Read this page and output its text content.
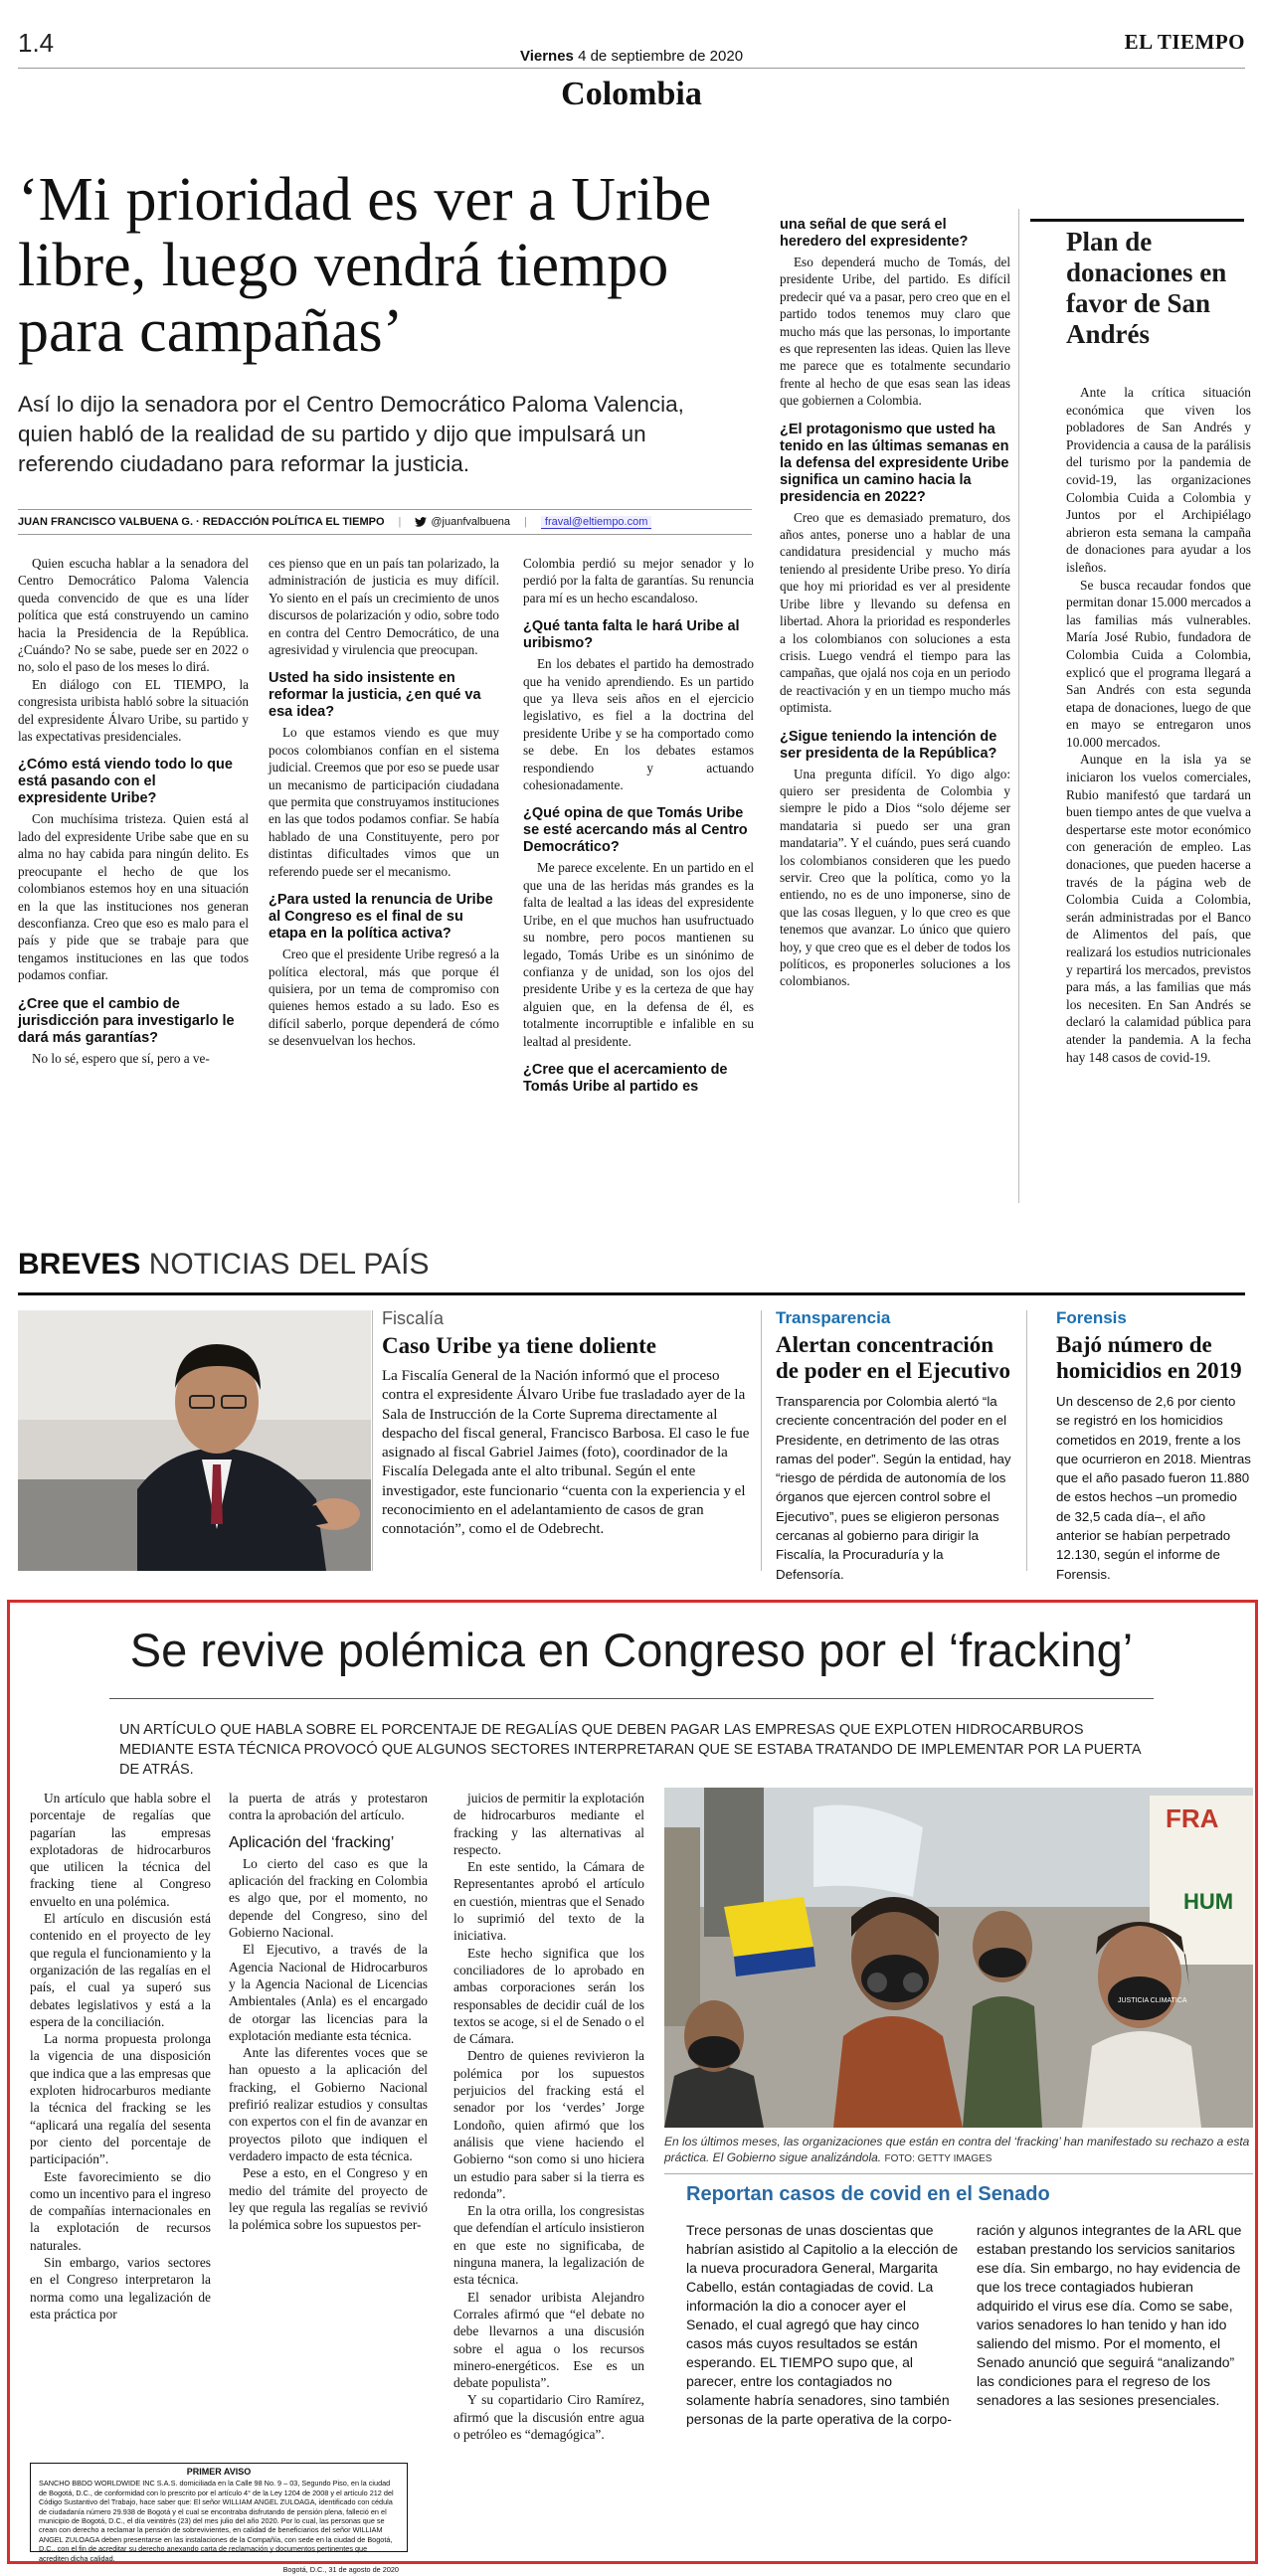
1.4	Viernes 4 de septiembre de 2020
EL TIEMPO
Colombia
‘Mi prioridad es ver a Uribe libre, luego vendrá tiempo para campañas’

Así lo dijo la senadora por el Centro Democrático Paloma Valencia, quien habló de la realidad de su partido y dijo que impulsará un referendo ciudadano para reformar la justicia.

JUAN FRANCISCO VALBUENA G. · REDACCIÓN POLÍTICA EL TIEMPO |	@juanfvalbuena |	fraval@eltiempo.com

Quien escucha hablar a la senadora del Centro Democrático Paloma Valencia queda convencido de que es una líder política que está construyendo un camino hacia la Presidencia de la República. ¿Cuándo? No se sabe, puede ser en 2022 o no, solo el paso de los meses lo dirá.

En diálogo con EL TIEMPO, la congresista uribista habló sobre la situación del expresidente Álvaro Uribe, su partido y las expectativas presidenciales.

¿Cómo está viendo todo lo que está pasando con el expresidente Uribe?

Con muchísima tristeza. Quien está al lado del expresidente Uribe sabe que en su alma no hay cabida para ningún delito. Es preocupante el hecho de que los colombianos estemos hoy en una situación en la que las instituciones nos generan desconfianza. Creo que eso es malo para el país y pide que se trabaje para que tengamos instituciones en las que todos podamos confiar.

¿Cree que el cambio de jurisdicción para investigarlo le dará más garantías?

No lo sé, espero que sí, pero a ve-

ces pienso que en un país tan polarizado, la administración de justicia es muy difícil. Yo siento en el país un crecimiento de unos discursos de polarización y odio, sobre todo en contra del Centro Democrático, de una agresividad y virulencia que preocupan.

Usted ha sido insistente en reformar la justicia, ¿en qué va esa idea?

Lo que estamos viendo es que muy pocos colombianos confían en el sistema judicial. Creemos que por eso se puede usar un mecanismo de participación ciudadana que permita que construyamos instituciones en las que todos podamos confiar. Se había hablado de una Constituyente, pero por distintas dificultades vimos que un referendo puede ser el mecanismo.

¿Para usted la renuncia de Uribe al Congreso es el final de su etapa en la política activa?

Creo que el presidente Uribe regresó a la política electoral, más que porque él quisiera, por un tema de compromiso con quienes hemos estado a su lado. Eso es difícil saberlo, porque dependerá de cómo se desenvuelvan los hechos.

Colombia perdió su mejor senador y lo perdió por la falta de garantías. Su renuncia para mí es un hecho escandaloso.

¿Qué tanta falta le hará Uribe al uribismo?

En los debates el partido ha demostrado que ha venido aprendiendo. Es un partido que ya lleva seis años en el ejercicio legislativo, es fiel a la doctrina del presidente Uribe y se ha comportado como se debe. En los debates estamos respondiendo y actuando cohesionadamente.

¿Qué opina de que Tomás Uribe se esté acercando más al Centro Democrático?

Me parece excelente. En un partido en el que una de las heridas más grandes es la falta de lealtad a las ideas del expresidente Uribe, en el que muchos han usufructuado su nombre, pero pocos mantienen su legado, Tomás Uribe es un sinónimo de confianza y de unidad, son los ojos del presidente Uribe y es la certeza de que hay alguien que, en la defensa de él, es totalmente incorruptible e infalible en su lealtad al presidente.

¿Cree que el acercamiento de Tomás Uribe al partido es
una señal de que será el heredero del expresidente?

Eso dependerá mucho de Tomás, del presidente Uribe, del partido. Es difícil predecir qué va a pasar, pero creo que en el partido todos tenemos muy claro que mucho más que las personas, lo importante es que representen las ideas. Quien las lleve me parece que es totalmente secundario frente al hecho de que esas sean las ideas que gobiernen a Colombia.

¿El protagonismo que usted ha tenido en las últimas semanas en la defensa del expresidente Uribe significa un camino hacia la presidencia en 2022?

Creo que es demasiado prematuro, dos años antes, ponerse uno a hablar de una candidatura presidencial y mucho más teniendo al presidente Uribe preso. Yo diría que hoy mi prioridad es ver al presidente Uribe libre y llevando su defensa en libertad. Ahora la prioridad es responderles a los colombianos con soluciones a esta crisis. Luego vendrá el tiempo para las campañas, que ojalá nos coja en un periodo de reactivación y en un tiempo mucho más optimista.

¿Sigue teniendo la intención de ser presidenta de la República?

Una pregunta difícil. Yo digo algo: quiero ser presidenta de Colombia y siempre le pido a Dios “solo déjeme ser mandataria si puedo ser una gran mandataria”. Y el cuándo, pues será cuando los colombianos consideren que les puedo servir. Creo que la política, como yo la entiendo, no es de uno imponerse, sino de que las cosas lleguen, y lo que creo es que tenemos que avanzar. Lo único que quiero hoy, y que creo que es el deber de todos los políticos, es proponerles soluciones a los colombianos.

Plan de donaciones en favor de San Andrés

Ante la crítica situación económica que viven los pobladores de San Andrés y Providencia a causa de la parálisis del turismo por la pandemia de covid-19, las organizaciones Colombia Cuida a Colombia y Juntos por el Archipiélago abrieron esta semana la campaña de donaciones para ayudar a los isleños.

Se busca recaudar fondos que permitan donar 15.000 mercados a las familias más vulnerables. María José Rubio, fundadora de Colombia Cuida a Colombia, explicó que el programa llegará a San Andrés con esta segunda etapa de donaciones, luego de que en mayo se entregaron unos 10.000 mercados.

Aunque en la isla ya se iniciaron los vuelos comerciales, Rubio manifestó que tardará un buen tiempo antes de que vuelva a despertarse este motor económico con generación de empleo. Las donaciones, que pueden hacerse a través de la página web de Colombia Cuida a Colombia, serán administradas por el Banco de Alimentos del país, que realizará los estudios nutricionales y repartirá los mercados, previstos para más, a las familias que más los necesiten. En San Andrés se declaró la calamidad pública para atender la pandemia. A la fecha hay 148 casos de covid-19.

BREVES NOTICIAS DEL PAÍS
Fiscalía
Caso Uribe ya tiene doliente

La Fiscalía General de la Nación informó que el proceso contra el expresidente Álvaro Uribe fue trasladado ayer de la Sala de Instrucción de la Corte Suprema directamente al despacho del fiscal general, Francisco Barbosa. El caso le fue asignado al fiscal Gabriel Jaimes (foto), coordinador de la Fiscalía Delegada ante el alto tribunal. Según el ente investigador, este funcionario “cuenta con la experiencia y el reconocimiento en el adelantamiento de casos de gran connotación”, como el de Odebrecht.

Transparencia
Alertan concentración de poder en el Ejecutivo

Transparencia por Colombia alertó “la creciente concentración del poder en el Presidente, en detrimento de las otras ramas del poder”. Según la entidad, hay “riesgo de pérdida de autonomía de los órganos que ejercen control sobre el Ejecutivo”, pues se eligieron personas cercanas al gobierno para dirigir la Fiscalía, la Procuraduría y la Defensoría.

Forensis
Bajó número de homicidios en 2019

Un descenso de 2,6 por ciento se registró en los homicidios cometidos en 2019, frente a los que ocurrieron en 2018. Mientras que el año pasado fueron 11.880 de estos hechos –un promedio de 32,5 cada día–, el año anterior se habían perpetrado 12.130, según el informe de Forensis.

Se revive polémica en Congreso por el ‘fracking’

UN ARTÍCULO QUE HABLA SOBRE EL PORCENTAJE DE REGALÍAS QUE DEBEN PAGAR LAS EMPRESAS QUE EXPLOTEN HIDROCARBUROS MEDIANTE ESTA TÉCNICA PROVOCÓ QUE ALGUNOS SECTORES INTERPRETARAN QUE SE ESTABA TRATANDO DE IMPLEMENTAR POR LA PUERTA DE ATRÁS.

Un artículo que habla sobre el porcentaje de regalías que pagarían las empresas explotadoras de hidrocarburos que utilicen la técnica del fracking tiene al Congreso envuelto en una polémica.

El artículo en discusión está contenido en el proyecto de ley que regula el funcionamiento y la organización de las regalías en el país, el cual ya superó sus debates legislativos y está a la espera de la conciliación.

La norma propuesta prolonga la vigencia de una disposición que indica que a las empresas que exploten hidrocarburos mediante la técnica del fracking se les “aplicará una regalía del sesenta por ciento del porcentaje de participación”.

Este favorecimiento se dio como un incentivo para el ingreso de compañías internacionales en la explotación de recursos naturales.

Sin embargo, varios sectores en el Congreso interpretaron la norma como una legalización de esta práctica por

la puerta de atrás y protestaron contra la aprobación del artículo.

Aplicación del ‘fracking’

Lo cierto del caso es que la aplicación del fracking en Colombia es algo que, por el momento, no depende del Congreso, sino del Gobierno Nacional.

El Ejecutivo, a través de la Agencia Nacional de Hidrocarburos y la Agencia Nacional de Licencias Ambientales (Anla) es el encargado de otorgar las licencias para la explotación mediante esta técnica.

Ante las diferentes voces que se han opuesto a la aplicación del fracking, el Gobierno Nacional prefirió realizar estudios y consultas con expertos con el fin de avanzar en proyectos piloto que indiquen el verdadero impacto de esta técnica.

Pese a esto, en el Congreso y en medio del trámite del proyecto de ley que regula las regalías se revivió la polémica sobre los supuestos per-

juicios de permitir la explotación de hidrocarburos mediante el fracking y las alternativas al respecto.

En este sentido, la Cámara de Representantes aprobó el artículo en cuestión, mientras que el Senado lo suprimió del texto de la iniciativa.

Este hecho significa que los conciliadores de lo aprobado en ambas corporaciones serán los responsables de decidir cuál de los textos se acoge, si el de Senado o el de Cámara.

Dentro de quienes revivieron la polémica por los supuestos perjuicios del fracking está el senador por los ‘verdes’ Jorge Londoño, quien afirmó que los análisis que viene haciendo el Gobierno “son como si uno hiciera un estudio para saber si la tierra es redonda”.

En la otra orilla, los congresistas que defendían el artículo insistieron en que este no significaba, de ninguna manera, la legalización de esta técnica.

El senador uribista Alejandro Corrales afirmó que “el debate no debe llevarnos a una discusión sobre el agua o los recursos minero-energéticos. Ese es un debate populista”.

Y su copartidario Ciro Ramírez, afirmó que la discusión entre agua o petróleo es “demagógica”.

FRA
HUM
JUSTICIA CLIMATICA
En los últimos meses, las organizaciones que están en contra del ‘fracking’ han manifestado su rechazo a esta práctica. El Gobierno sigue analizándola. FOTO: GETTY IMAGES
Reportan casos de covid en el Senado

Trece personas de unas doscientas que habrían asistido al Capitolio a la elección de la nueva procuradora General, Margarita Cabello, están contagiadas de covid. La información la dio a conocer ayer el Senado, el cual agregó que hay cinco casos más cuyos resultados se están esperando. EL TIEMPO supo que, al parecer, entre los contagiados no solamente habría senadores, sino también personas de la parte operativa de la corpo-

ración y algunos integrantes de la ARL que estaban prestando los servicios sanitarios ese día. Sin embargo, no hay evidencia de que los trece contagiados hubieran adquirido el virus ese día. Como se sabe, varios senadores lo han tenido y han ido saliendo del mismo. Por el momento, el Senado anunció que seguirá “analizando” las condiciones para el regreso de los senadores a las sesiones presenciales.

PRIMER AVISO
SANCHO BBDO WORLDWIDE INC S.A.S. domiciliada en la Calle 98 No. 9 – 03, Segundo Piso, en la ciudad de Bogotá, D.C., de conformidad con lo prescrito por el artículo 4° de la Ley 1204 de 2008 y el artículo 212 del Código Sustantivo del Trabajo, hace saber que: El señor WILLIAM ANGEL ZULOAGA, identificado con cédula de ciudadanía número 29.938 de Bogotá y el cual se encontraba disfrutando de pensión plena, falleció en el municipio de Bogotá, D.C., el día veintitrés (23) del mes julio del año 2020. Por lo cual, las personas que se crean con derecho a reclamar la pensión de sobrevivientes, en calidad de beneficiarios del señor WILLIAM ANGEL ZULOAGA deben presentarse en las instalaciones de la Compañía, con sede en la ciudad de Bogotá, D.C., con el fin de acreditar su derecho anexando carta de reclamación y documentos pertinentes que acrediten dicha calidad.
Bogotá, D.C., 31 de agosto de 2020
